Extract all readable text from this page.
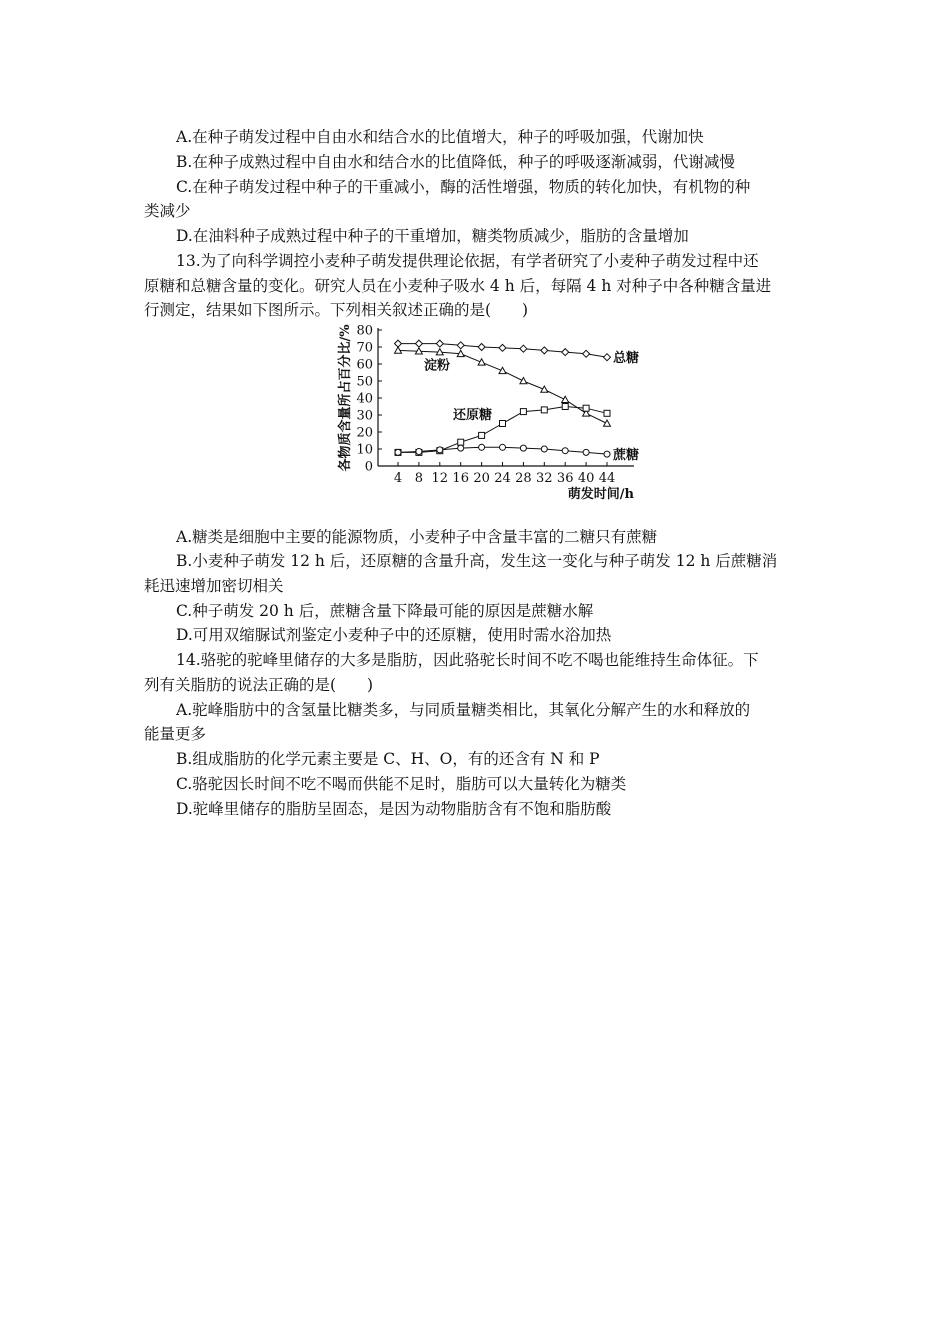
A.在种子萌发过程中自由水和结合水的比值增大，种子的呼吸加强，代谢加快
B.在种子成熟过程中自由水和结合水的比值降低，种子的呼吸逐渐减弱，代谢减慢
C.在种子萌发过程中种子的干重减小，酶的活性增强，物质的转化加快，有机物的种
类减少
D.在油料种子成熟过程中种子的干重增加，糖类物质减少，脂肪的含量增加
13.为了向科学调控小麦种子萌发提供理论依据，有学者研究了小麦种子萌发过程中还
原糖和总糖含量的变化。研究人员在小麦种子吸水 4 h 后，每隔 4 h 对种子中各种糖含量进
行测定，结果如下图所示。下列相关叙述正确的是(　　)
0
10
20
30
40
50
60
70
80
4 8 12 16 20 24 28 32 36 40 44
萌发时间/h
各物质含量所占百分比/%	总糖
淀粉
还原糖
蔗糖
A.糖类是细胞中主要的能源物质，小麦种子中含量丰富的二糖只有蔗糖
B.小麦种子萌发 12 h 后，还原糖的含量升高，发生这一变化与种子萌发 12 h 后蔗糖消
耗迅速增加密切相关
C.种子萌发 20 h 后，蔗糖含量下降最可能的原因是蔗糖水解
D.可用双缩脲试剂鉴定小麦种子中的还原糖，使用时需水浴加热
14.骆驼的驼峰里储存的大多是脂肪，因此骆驼长时间不吃不喝也能维持生命体征。下
列有关脂肪的说法正确的是(　　)
A.驼峰脂肪中的含氢量比糖类多，与同质量糖类相比，其氧化分解产生的水和释放的
能量更多
B.组成脂肪的化学元素主要是 C、H、O，有的还含有 N 和 P
C.骆驼因长时间不吃不喝而供能不足时，脂肪可以大量转化为糖类
D.驼峰里储存的脂肪呈固态，是因为动物脂肪含有不饱和脂肪酸
